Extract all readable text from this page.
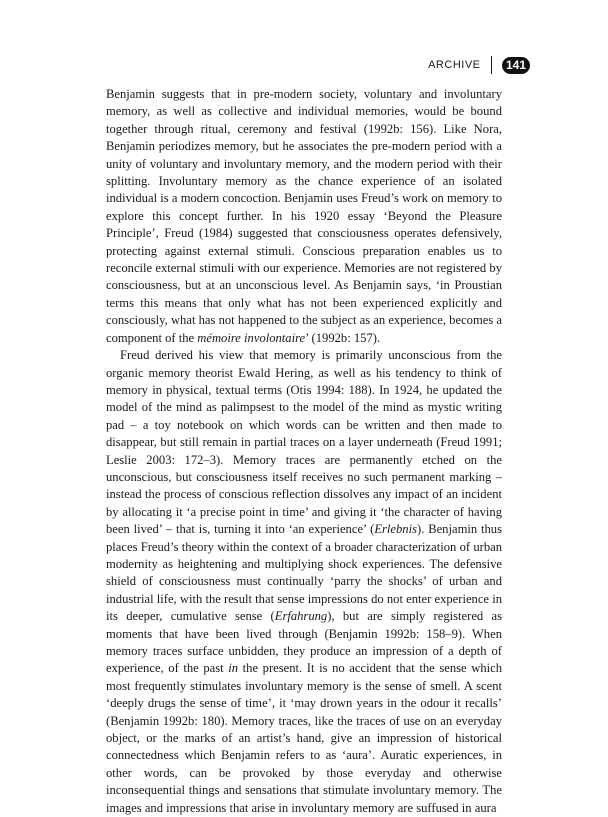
ARCHIVE	141

Benjamin suggests that in pre-modern society, voluntary and involuntary memory, as well as collective and individual memories, would be bound together through ritual, ceremony and festival (1992b: 156). Like Nora, Benjamin periodizes memory, but he associates the pre-modern period with a unity of voluntary and involuntary memory, and the modern period with their splitting. Involuntary memory as the chance experience of an isolated individual is a modern concoction. Benjamin uses Freud’s work on memory to explore this concept further. In his 1920 essay ‘Beyond the Pleasure Principle’, Freud (1984) suggested that consciousness operates defensively, protecting against external stimuli. Conscious preparation enables us to reconcile external stimuli with our experience. Memories are not registered by consciousness, but at an unconscious level. As Benjamin says, ‘in Proustian terms this means that only what has not been experienced explicitly and consciously, what has not happened to the subject as an experience, becomes a component of the mémoire involontaire’ (1992b: 157).

Freud derived his view that memory is primarily unconscious from the organic memory theorist Ewald Hering, as well as his tendency to think of memory in physical, textual terms (Otis 1994: 188). In 1924, he updated the model of the mind as palimpsest to the model of the mind as mystic writing pad – a toy notebook on which words can be written and then made to disappear, but still remain in partial traces on a layer underneath (Freud 1991; Leslie 2003: 172–3). Memory traces are permanently etched on the unconscious, but consciousness itself receives no such permanent marking – instead the process of conscious reflection dissolves any impact of an incident by allocating it ‘a precise point in time’ and giving it ‘the character of having been lived’ – that is, turning it into ‘an experience’ (Erlebnis). Benjamin thus places Freud’s theory within the context of a broader characterization of urban modernity as heightening and multiplying shock experiences. The defensive shield of consciousness must continually ‘parry the shocks’ of urban and industrial life, with the result that sense impressions do not enter experience in its deeper, cumulative sense (Erfahrung), but are simply registered as moments that have been lived through (Benjamin 1992b: 158–9). When memory traces surface unbidden, they produce an impression of a depth of experience, of the past in the present. It is no accident that the sense which most frequently stimulates involuntary memory is the sense of smell. A scent ‘deeply drugs the sense of time’, it ‘may drown years in the odour it recalls’ (Benjamin 1992b: 180). Memory traces, like the traces of use on an everyday object, or the marks of an artist’s hand, give an impression of historical connectedness which Benjamin refers to as ‘aura’. Auratic experiences, in other words, can be provoked by those everyday and otherwise inconsequential things and sensations that stimulate involuntary memory. The images and impressions that arise in involuntary memory are suffused in aura
